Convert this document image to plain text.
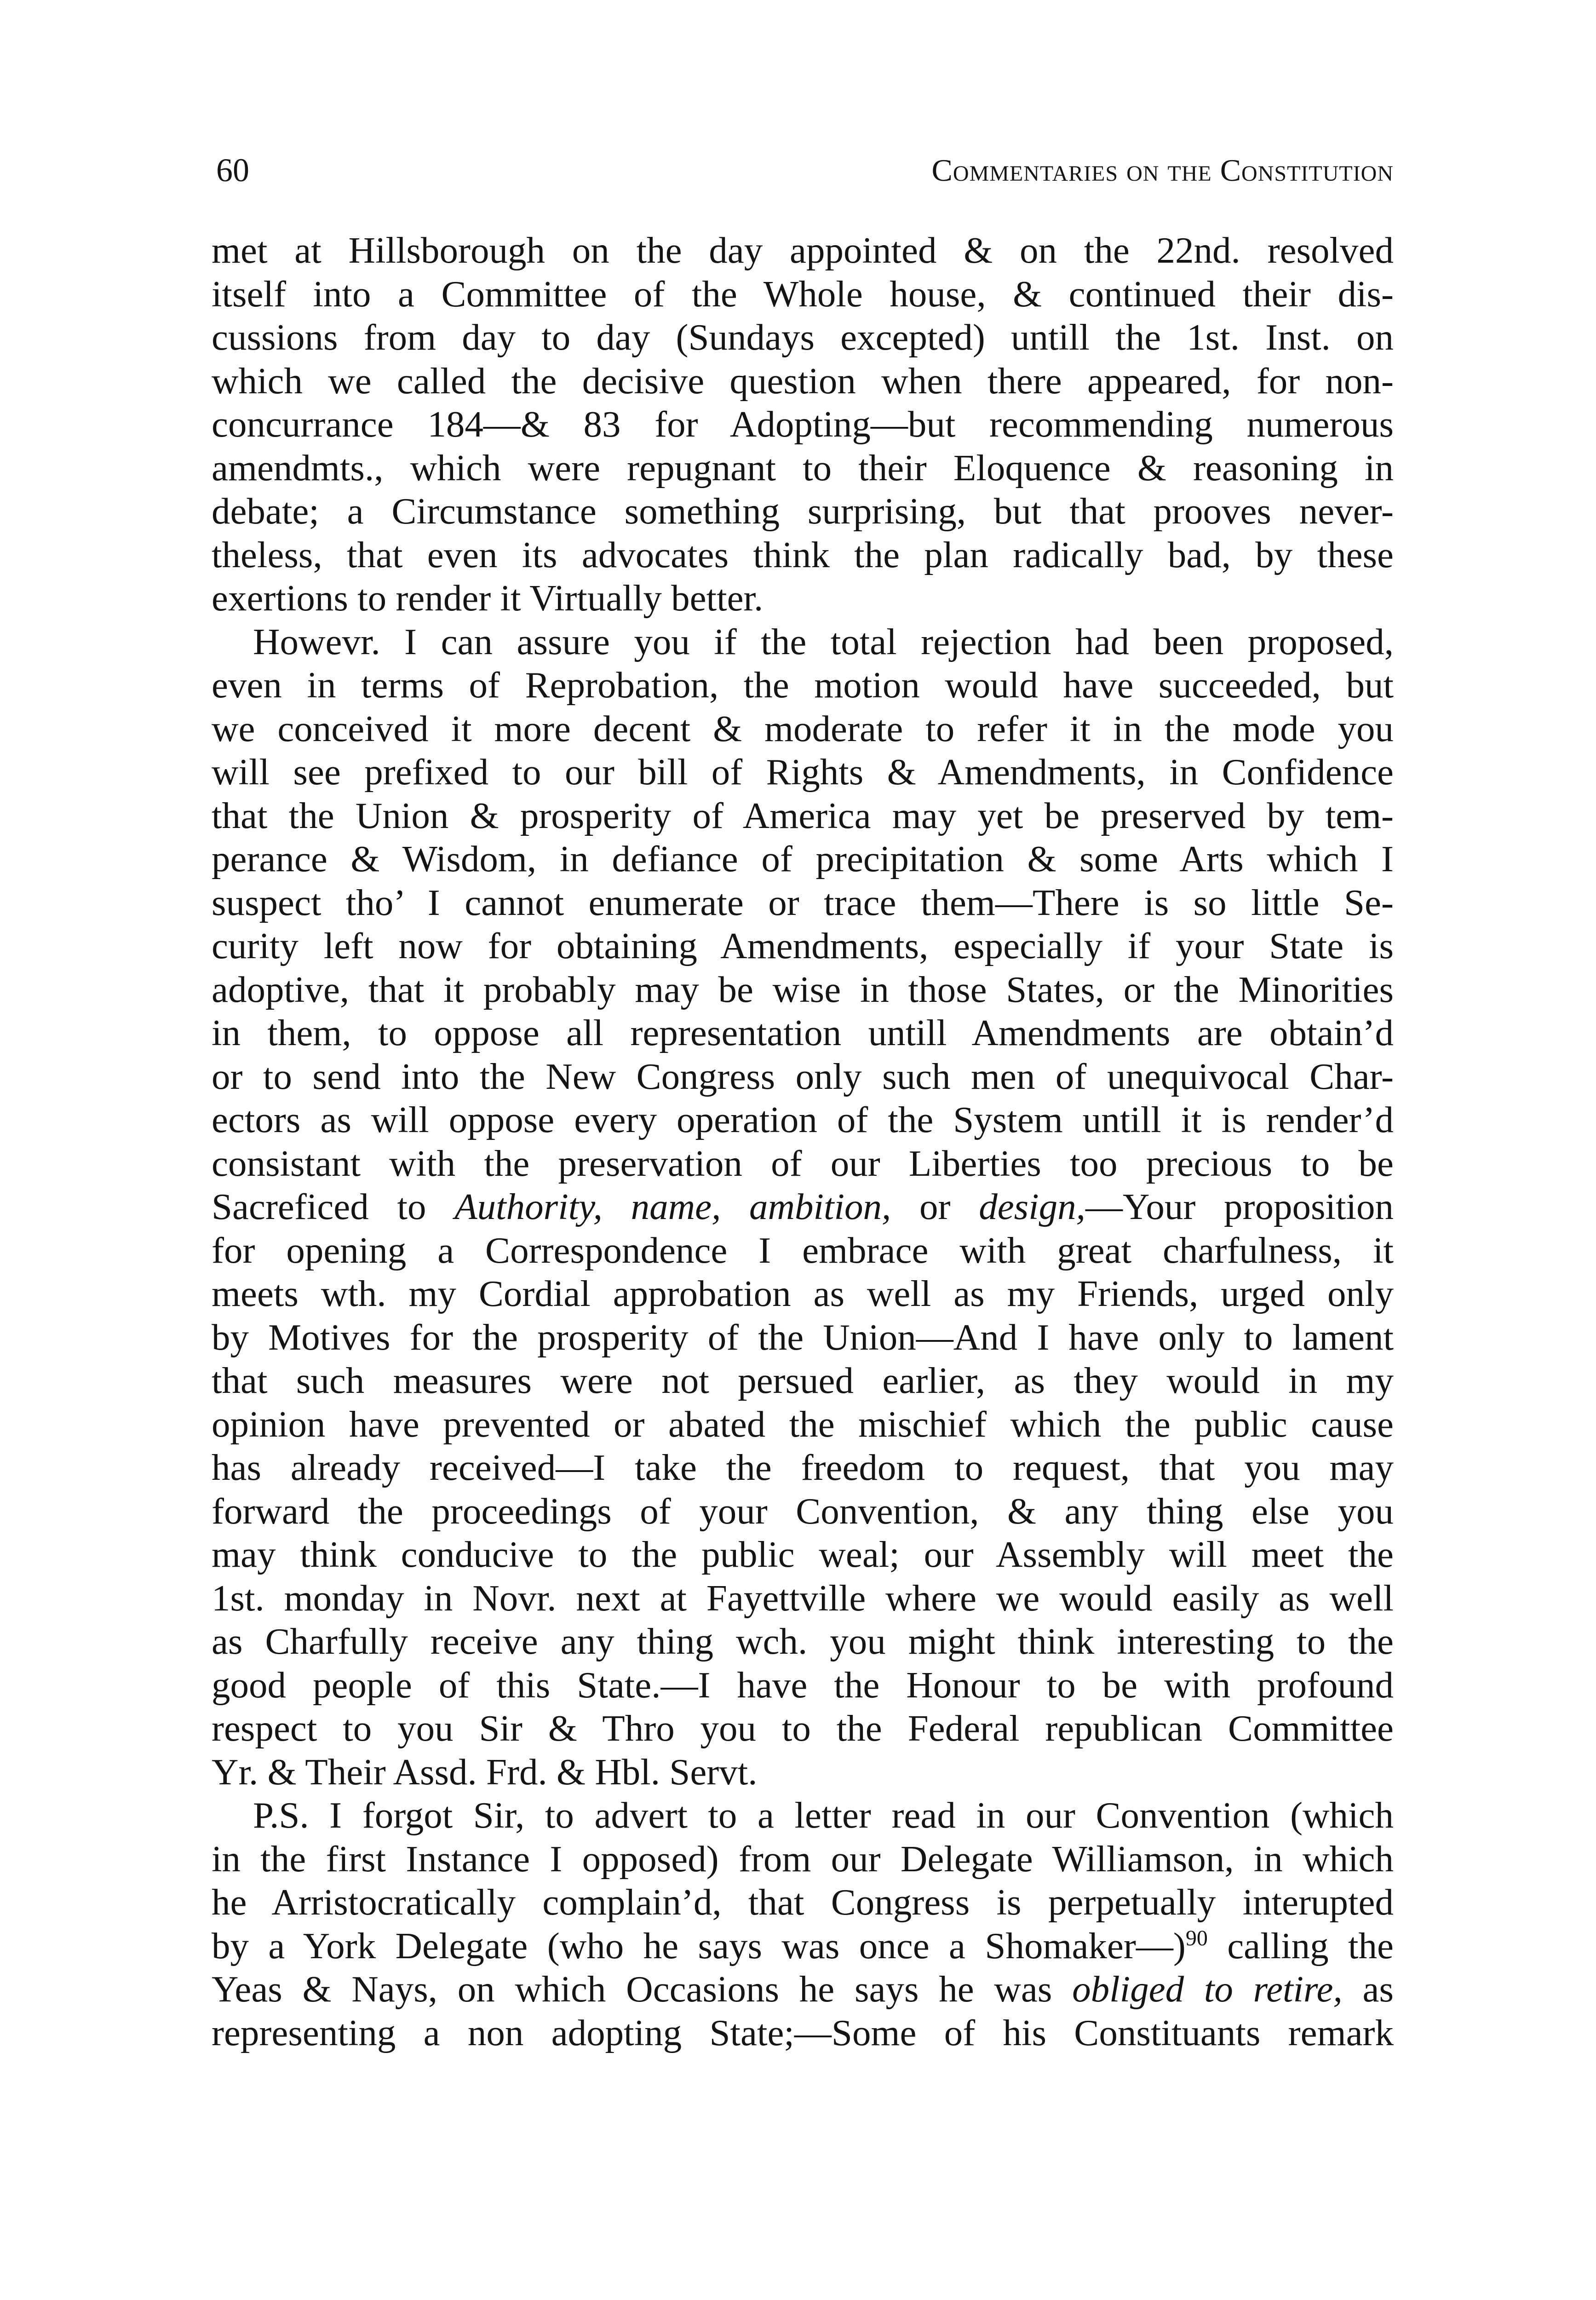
60	Commentaries on the Constitution
met at Hillsborough on the day appointed & on the 22nd. resolved
itself into a Committee of the Whole house, & continued their dis-
cussions from day to day (Sundays excepted) untill the 1st. Inst. on
which we called the decisive question when there appeared, for non-
concurrance 184—& 83 for Adopting—but recommending numerous
amendmts., which were repugnant to their Eloquence & reasoning in
debate; a Circumstance something surprising, but that prooves never-
theless, that even its advocates think the plan radically bad, by these
exertions to render it Virtually better.
Howevr. I can assure you if the total rejection had been proposed,
even in terms of Reprobation, the motion would have succeeded, but
we conceived it more decent & moderate to refer it in the mode you
will see prefixed to our bill of Rights & Amendments, in Confidence
that the Union & prosperity of America may yet be preserved by tem-
perance & Wisdom, in defiance of precipitation & some Arts which I
suspect tho’ I cannot enumerate or trace them—There is so little Se-
curity left now for obtaining Amendments, especially if your State is
adoptive, that it probably may be wise in those States, or the Minorities
in them, to oppose all representation untill Amendments are obtain’d
or to send into the New Congress only such men of unequivocal Char-
ectors as will oppose every operation of the System untill it is render’d
consistant with the preservation of our Liberties too precious to be
Sacreficed to Authority, name, ambition, or design,—Your proposition
for opening a Correspondence I embrace with great charfulness, it
meets wth. my Cordial approbation as well as my Friends, urged only
by Motives for the prosperity of the Union—And I have only to lament
that such measures were not persued earlier, as they would in my
opinion have prevented or abated the mischief which the public cause
has already received—I take the freedom to request, that you may
forward the proceedings of your Convention, & any thing else you
may think conducive to the public weal; our Assembly will meet the
1st. monday in Novr. next at Fayettville where we would easily as well
as Charfully receive any thing wch. you might think interesting to the
good people of this State.—I have the Honour to be with profound
respect to you Sir & Thro you to the Federal republican Committee
Yr. & Their Assd. Frd. & Hbl. Servt.
P.S. I forgot Sir, to advert to a letter read in our Convention (which
in the first Instance I opposed) from our Delegate Williamson, in which
he Arristocratically complain’d, that Congress is perpetually interupted
by a York Delegate (who he says was once a Shomaker—)$^{90}$ calling the
Yeas & Nays, on which Occasions he says he was obliged to retire, as
representing a non adopting State;—Some of his Constituants remark
